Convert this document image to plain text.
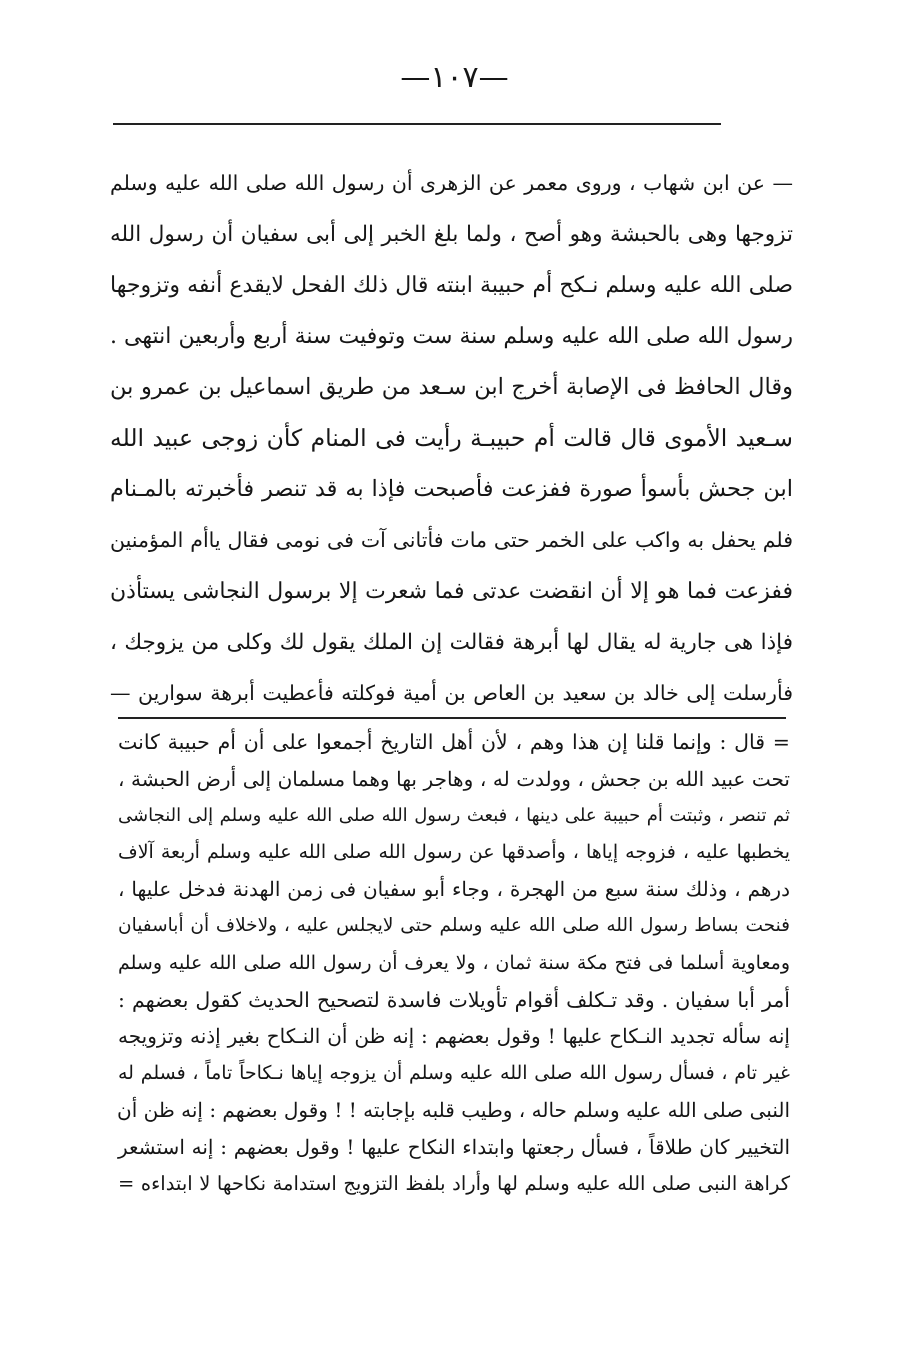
—١٠٧—
— عن ابن شهاب ، وروى معمر عن الزهرى أن رسول الله صلى الله عليه وسلم
تزوجها وهى بالحبشة وهو أصح ، ولما بلغ الخبر إلى أبى سفيان أن رسول الله
صلى الله عليه وسلم نـكح أم حبيبة ابنته قال ذلك الفحل لايقدع أنفه وتزوجها
رسول الله صلى الله عليه وسلم سنة ست وتوفيت سنة أربع وأربعين انتهى .
وقال الحافظ فى الإصابة أخرج ابن سـعد من طريق اسماعيل بن عمرو بن
سـعيد الأموى قال قالت أم حبيبـة رأيت فى المنام كأن زوجى عبيد الله
ابن جحش بأسوأ صورة ففزعت فأصبحت فإذا به قد تنصر فأخبرته بالمـنام
فلم يحفل به واكب على الخمر حتى مات فأتانى آت فى نومى فقال ياأم المؤمنين
ففزعت فما هو إلا أن انقضت عدتى فما شعرت إلا برسول النجاشى يستأذن
فإذا هى جارية له يقال لها أبرهة فقالت إن الملك يقول لك وكلى من يزوجك ،
فأرسلت إلى خالد بن سعيد بن العاص بن أمية فوكلته فأعطيت أبرهة سوارين —
= قال : وإنما قلنا إن هذا وهم ، لأن أهل التاريخ أجمعوا على أن أم حبيبة كانت
تحت عبيد الله بن جحش ، وولدت له ، وهاجر بها وهما مسلمان إلى أرض الحبشة ،
ثم تنصر ، وثبتت أم حبيبة على دينها ، فبعث رسول الله صلى الله عليه وسلم إلى النجاشى
يخطبها عليه ، فزوجه إياها ، وأصدقها عن رسول الله صلى الله عليه وسلم أربعة آلاف
درهم ، وذلك سنة سبع من الهجرة ، وجاء أبو سفيان فى زمن الهدنة فدخل عليها ،
فنحت بساط رسول الله صلى الله عليه وسلم حتى لايجلس عليه ، ولاخلاف أن أباسفيان
ومعاوية أسلما فى فتح مكة سنة ثمان ، ولا يعرف أن رسول الله صلى الله عليه وسلم
أمر أبا سفيان . وقد تـكلف أقوام تأويلات فاسدة لتصحيح الحديث كقول بعضهم :
إنه سأله تجديد النـكاح عليها ! وقول بعضهم : إنه ظن أن النـكاح بغير إذنه وتزويجه
غير تام ، فسأل رسول الله صلى الله عليه وسلم أن يزوجه إياها نـكاحاً تاماً ، فسلم له
النبى صلى الله عليه وسلم حاله ، وطيب قلبه بإجابته ! ! وقول بعضهم : إنه ظن أن
التخيير كان طلاقاً ، فسأل رجعتها وابتداء النكاح عليها ! وقول بعضهم : إنه استشعر
كراهة النبى صلى الله عليه وسلم لها وأراد بلفظ التزويج استدامة نكاحها لا ابتداءه =
